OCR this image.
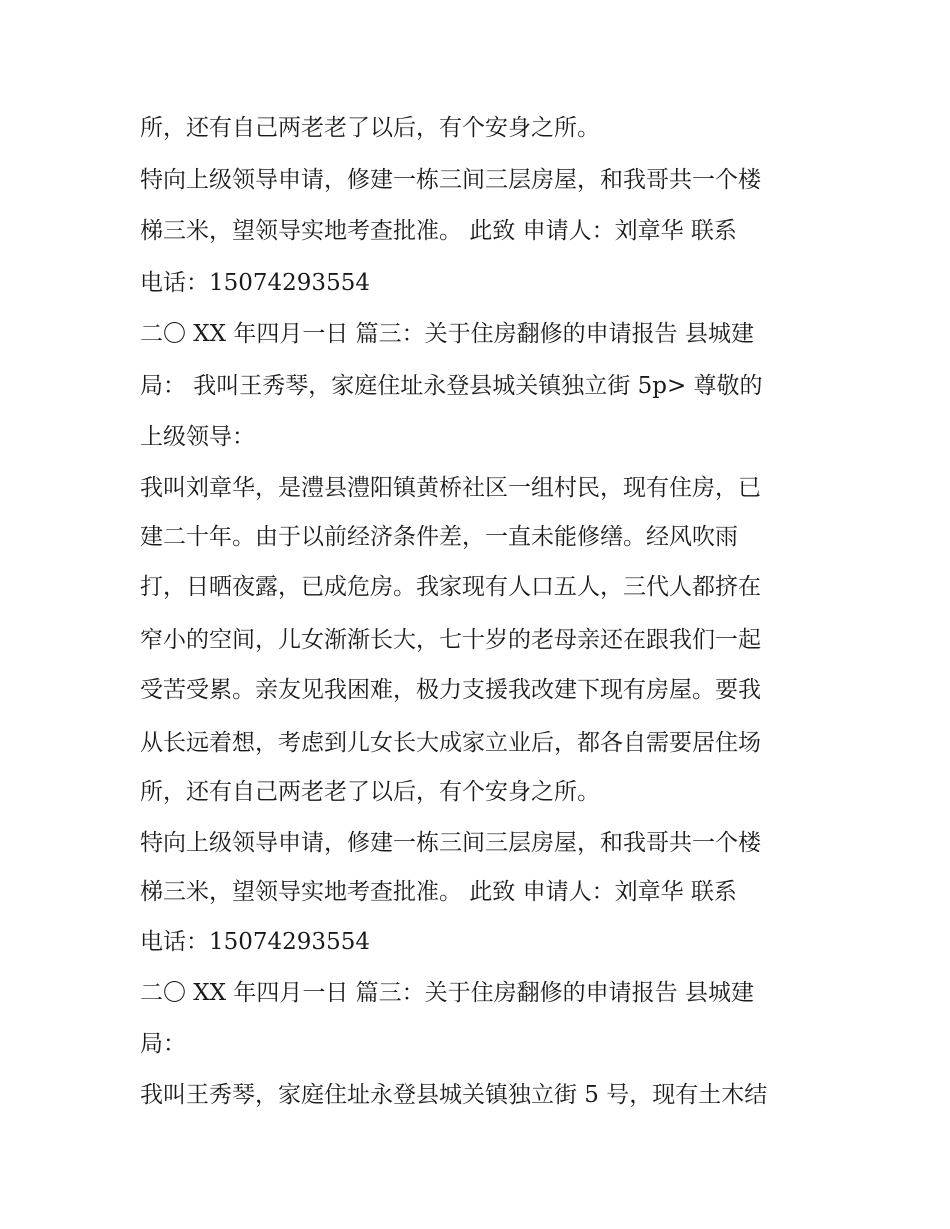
所，还有自己两老老了以后，有个安身之所。
特向上级领导申请，修建一栋三间三层房屋，和我哥共一个楼
梯三米，望领导实地考查批准。 此致 申请人：刘章华 联系
电话：15074293554
二〇 XX 年四月一日 篇三：关于住房翻修的申请报告 县城建
局： 我叫王秀琴，家庭住址永登县城关镇独立街 5p> 尊敬的
上级领导：
我叫刘章华，是澧县澧阳镇黄桥社区一组村民，现有住房，已
建二十年。由于以前经济条件差，一直未能修缮。经风吹雨
打，日晒夜露，已成危房。我家现有人口五人，三代人都挤在
窄小的空间，儿女渐渐长大，七十岁的老母亲还在跟我们一起
受苦受累。亲友见我困难，极力支援我改建下现有房屋。要我
从长远着想，考虑到儿女长大成家立业后，都各自需要居住场
所，还有自己两老老了以后，有个安身之所。
特向上级领导申请，修建一栋三间三层房屋，和我哥共一个楼
梯三米，望领导实地考查批准。 此致 申请人：刘章华 联系
电话：15074293554
二〇 XX 年四月一日 篇三：关于住房翻修的申请报告 县城建
局：
我叫王秀琴，家庭住址永登县城关镇独立街 5 号，现有土木结
